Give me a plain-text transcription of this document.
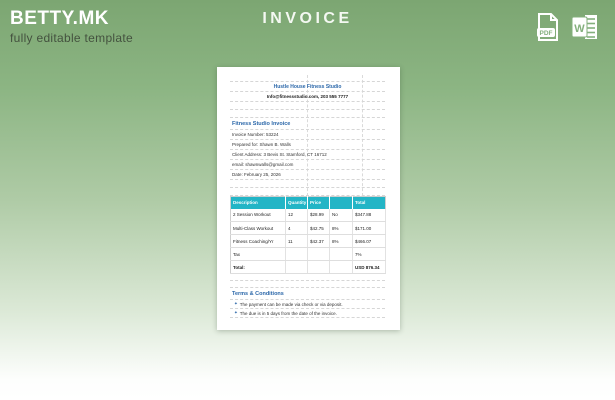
BETTY.MK
fully editable template
INVOICE
PDF W
Hustle House Fitness Studio
Info@fitnessstudio.com, 203 555 7777
Fitness Studio Invoice
Invoice Number: 53224
Prepared for: Shawn B. Walls
Client Address: 3 Bevis St. Stamford, CT 16712
email: shawnwalls@gmail.com
Date: February 25, 2026
Description	Quantity	Price		Total
2 Session Workout	12	$28.99	No	$347.88
Multi-Class Workout	4	$42.75	8%	$171.00
Fitness Coaching/Yr	11	$42.37	8%	$466.07
Tax				7%
Total:				USD 876.34
Terms & Conditions
✦ The payment can be made via check or via deposit.
✦ The due is in 5 days from the date of the invoice.
